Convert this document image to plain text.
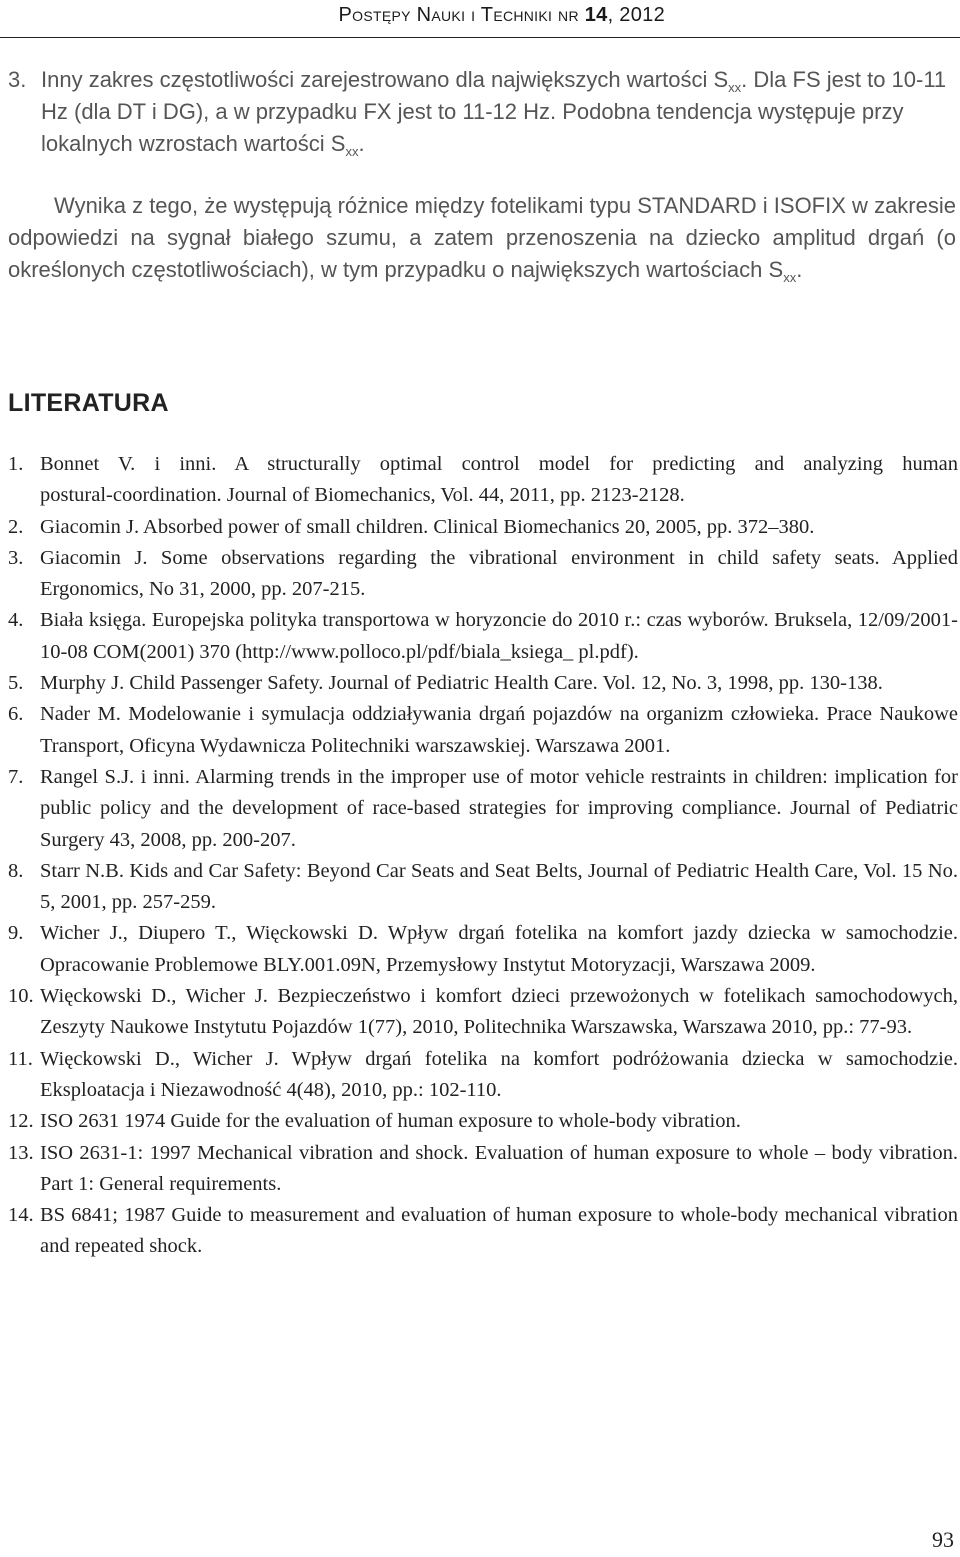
Postępy Nauki i Techniki nr 14, 2012
3. Inny zakres częstotliwości zarejestrowano dla największych wartości $S_{xx}$. Dla FS jest to 10-11 Hz (dla DT i DG), a w przypadku FX jest to 11-12 Hz. Podobna tendencja występuje przy lokalnych wzrostach wartości $S_{xx}$.
Wynika z tego, że występują różnice między fotelikami typu STANDARD i ISOFIX w zakresie odpowiedzi na sygnał białego szumu, a zatem przenoszenia na dziecko amplitud drgań (o określonych częstotliwościach), w tym przypadku o największych wartościach $S_{xx}$.
LITERATURA
1. Bonnet V. i inni. A structurally optimal control model for predicting and analyzing human postural‑coordination. Journal of Biomechanics, Vol. 44, 2011, pp. 2123-2128.
2. Giacomin J. Absorbed power of small children. Clinical Biomechanics 20, 2005, pp. 372–380.
3. Giacomin J. Some observations regarding the vibrational environment in child safety seats. Applied Ergonomics, No 31, 2000, pp. 207-215.
4. Biała księga. Europejska polityka transportowa w horyzoncie do 2010 r.: czas wyborów. Bruksela, 12/09/2001-10-08 COM(2001) 370 (http://www.polloco.pl/pdf/biala_ksiega_ pl.pdf).
5. Murphy J. Child Passenger Safety. Journal of Pediatric Health Care. Vol. 12, No. 3, 1998, pp. 130-138.
6. Nader M. Modelowanie i symulacja oddziaływania drgań pojazdów na organizm człowieka. Prace Naukowe Transport, Oficyna Wydawnicza Politechniki warszawskiej. Warszawa 2001.
7. Rangel S.J. i inni. Alarming trends in the improper use of motor vehicle restraints in children: implication for public policy and the development of race-based strategies for improving compliance. Journal of Pediatric Surgery 43, 2008, pp. 200-207.
8. Starr N.B. Kids and Car Safety: Beyond Car Seats and Seat Belts, Journal of Pediatric Health Care, Vol. 15 No. 5, 2001, pp. 257-259.
9. Wicher J., Diupero T., Więckowski D. Wpływ drgań fotelika na komfort jazdy dziecka w samochodzie. Opracowanie Problemowe BLY.001.09N, Przemysłowy Instytut Motoryzacji, Warszawa 2009.
10. Więckowski D., Wicher J. Bezpieczeństwo i komfort dzieci przewożonych w fotelikach samochodowych, Zeszyty Naukowe Instytutu Pojazdów 1(77), 2010, Politechnika Warszawska, Warszawa 2010, pp.: 77-93.
11. Więckowski D., Wicher J. Wpływ drgań fotelika na komfort podróżowania dziecka w samochodzie. Eksploatacja i Niezawodność 4(48), 2010, pp.: 102-110.
12. ISO 2631 1974 Guide for the evaluation of human exposure to whole-body vibration.
13. ISO 2631-1: 1997 Mechanical vibration and shock. Evaluation of human exposure to whole – body vibration. Part 1: General requirements.
14. BS 6841; 1987 Guide to measurement and evaluation of human exposure to whole-body mechanical vibration and repeated shock.
93
